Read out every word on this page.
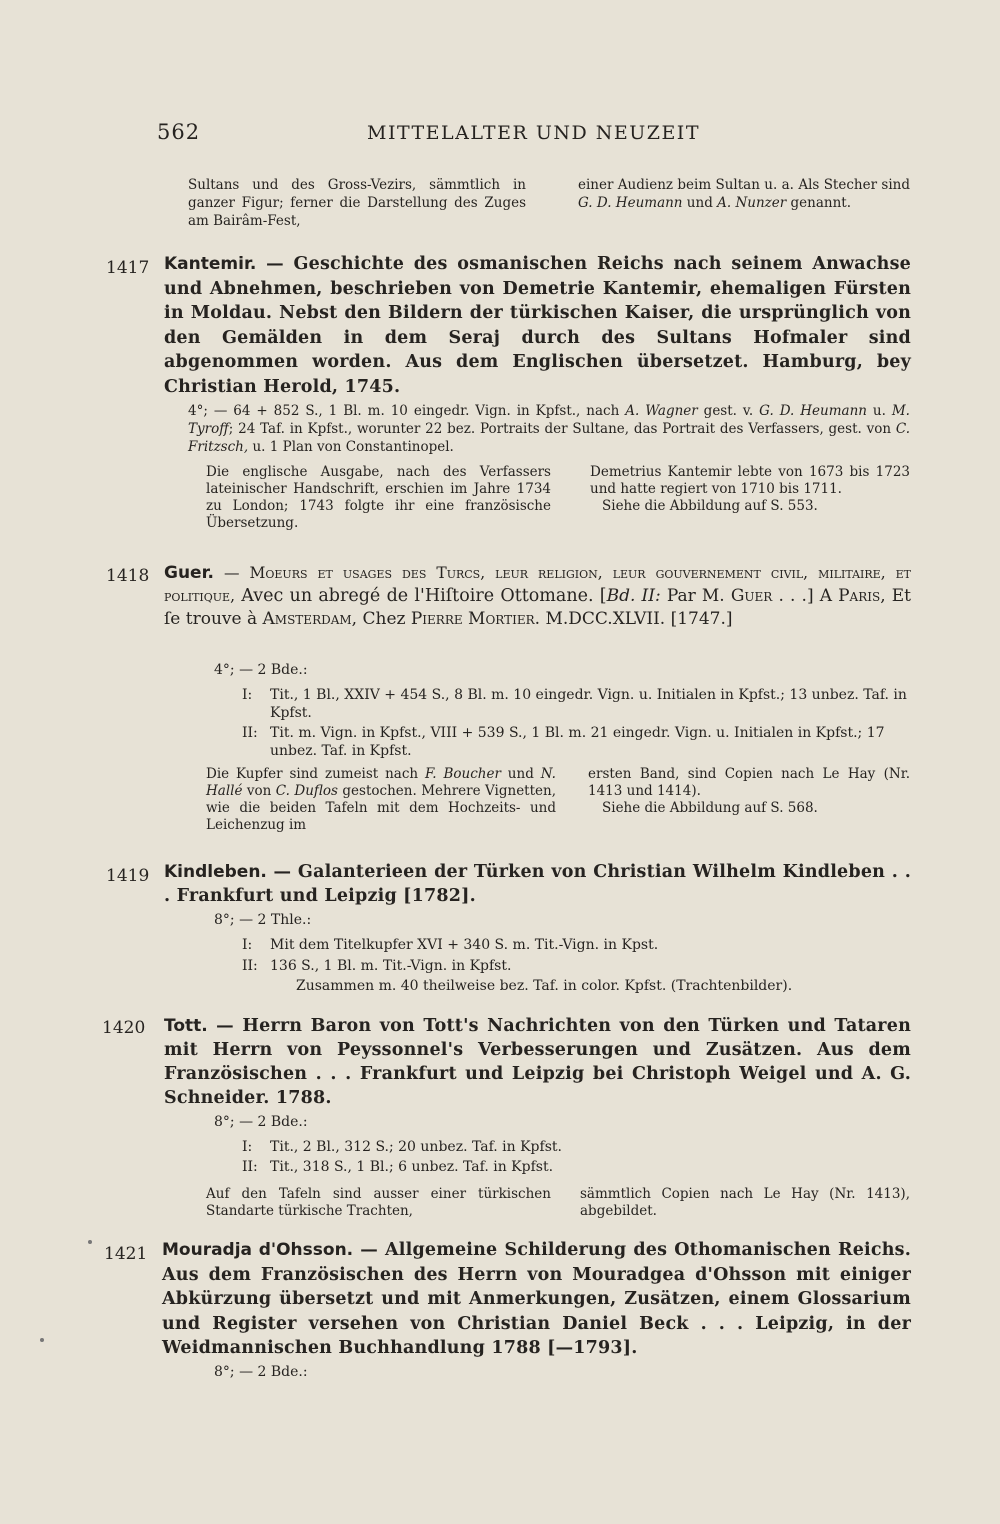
562	MITTELALTER UND NEUZEIT
Sultans und des Gross-Vezirs, sämmtlich in ganzer Figur; ferner die Darstellung des Zuges am Bairâm-Fest,
einer Audienz beim Sultan u. a. Als Stecher sind G. D. Heumann und A. Nunzer genannt.
1417 Kantemir. — Geschichte des osmanischen Reichs nach seinem Anwachse und Abnehmen, beschrieben von Demetrie Kantemir, ehemaligen Fürsten in Moldau. Nebst den Bildern der türkischen Kaiser, die ursprünglich von den Gemälden in dem Seraj durch des Sultans Hofmaler sind abgenommen worden. Aus dem Englischen übersetzet. Hamburg, bey Christian Herold, 1745.
4°; — 64 + 852 S., 1 Bl. m. 10 eingedr. Vign. in Kpfst., nach A. Wagner gest. v. G. D. Heumann u. M. Tyroff; 24 Taf. in Kpfst., worunter 22 bez. Portraits der Sultane, das Portrait des Verfassers, gest. von C. Fritzsch, u. 1 Plan von Constantinopel.
Die englische Ausgabe, nach des Verfassers lateinischer Handschrift, erschien im Jahre 1734 zu London; 1743 folgte ihr eine französische Übersetzung.
Demetrius Kantemir lebte von 1673 bis 1723 und hatte regiert von 1710 bis 1711.
Siehe die Abbildung auf S. 553.
1418 Guer. — Moeurs et usages des Turcs, leur religion, leur gouvernement civil, militaire, et politique, Avec un abregé de l'Hiſtoire Ottomane. [Bd. II: Par M. Guer . . .] A Paris, Et ſe trouve à Amsterdam, Chez Pierre Mortier. M.DCC.XLVII. [1747.]
4°; — 2 Bde.:
I: Tit., 1 Bl., XXIV + 454 S., 8 Bl. m. 10 eingedr. Vign. u. Initialen in Kpfst.; 13 unbez. Taf. in Kpfst.
II: Tit. m. Vign. in Kpfst., VIII + 539 S., 1 Bl. m. 21 eingedr. Vign. u. Initialen in Kpfst.; 17 unbez. Taf. in Kpfst.
Die Kupfer sind zumeist nach F. Boucher und N. Hallé von C. Duflos gestochen. Mehrere Vignetten, wie die beiden Tafeln mit dem Hochzeits- und Leichenzug im
ersten Band, sind Copien nach Le Hay (Nr. 1413 und 1414).
Siehe die Abbildung auf S. 568.
1419 Kindleben. — Galanterieen der Türken von Christian Wilhelm Kindleben . . . Frankfurt und Leipzig [1782].
8°; — 2 Thle.:
I: Mit dem Titelkupfer XVI + 340 S. m. Tit.-Vign. in Kpst.
II: 136 S., 1 Bl. m. Tit.-Vign. in Kpfst.
Zusammen m. 40 theilweise bez. Taf. in color. Kpfst. (Trachtenbilder).
1420 Tott. — Herrn Baron von Tott's Nachrichten von den Türken und Tataren mit Herrn von Peyssonnel's Verbesserungen und Zusätzen. Aus dem Französischen . . . Frankfurt und Leipzig bei Christoph Weigel und A. G. Schneider. 1788.
8°; — 2 Bde.:
I: Tit., 2 Bl., 312 S.; 20 unbez. Taf. in Kpfst.
II: Tit., 318 S., 1 Bl.; 6 unbez. Taf. in Kpfst.
Auf den Tafeln sind ausser einer türkischen Standarte türkische Trachten,
sämmtlich Copien nach Le Hay (Nr. 1413), abgebildet.
1421 Mouradja d'Ohsson. — Allgemeine Schilderung des Othomanischen Reichs. Aus dem Französischen des Herrn von Mouradgea d'Ohsson mit einiger Abkürzung übersetzt und mit Anmerkungen, Zusätzen, einem Glossarium und Register versehen von Christian Daniel Beck . . . Leipzig, in der Weidmannischen Buchhandlung 1788 [—1793].
8°; — 2 Bde.:
